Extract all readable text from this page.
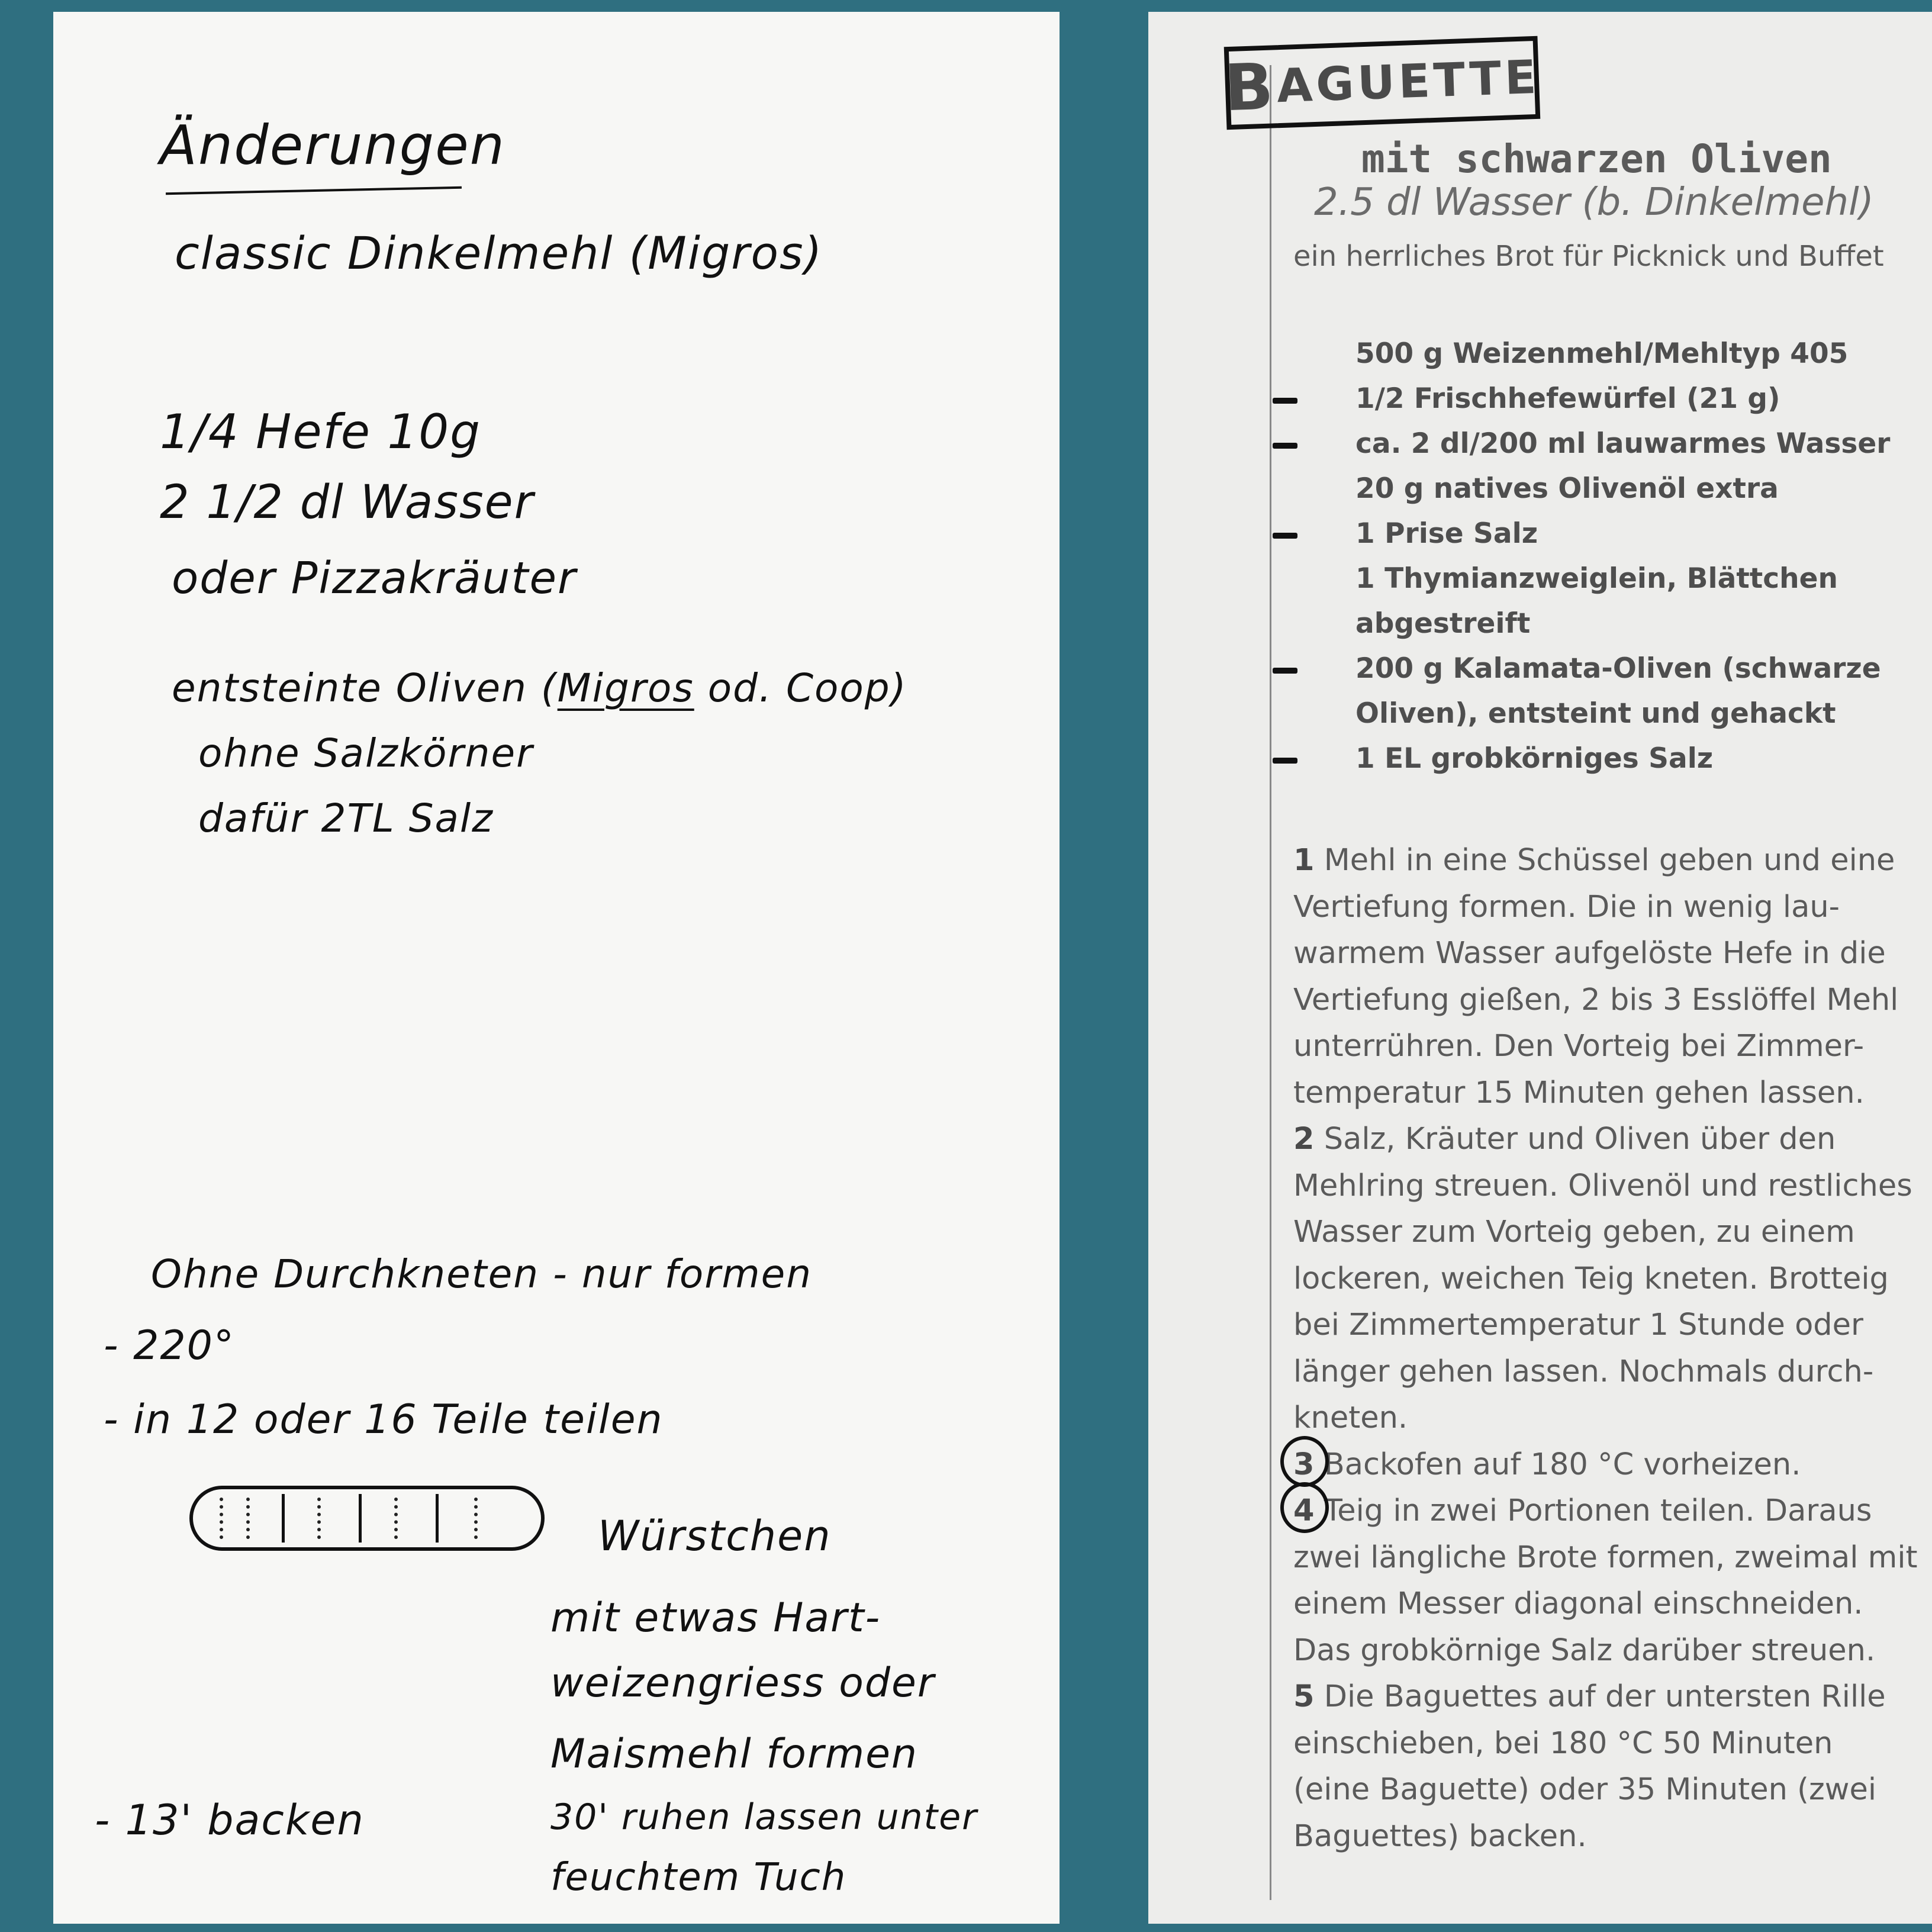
Änderungen
classic Dinkelmehl (Migros)
1/4 Hefe 10g
2 1/2 dl Wasser
oder Pizzakräuter
entsteinte Oliven (Migros od. Coop)
ohne Salzkörner
dafür 2TL Salz
Ohne Durchkneten - nur formen
- 220°
- in 12 oder 16 Teile teilen
Würstchen
mit etwas Hart-
weizengriess oder
Maismehl formen
30' ruhen lassen unter
feuchtem Tuch
- 13' backen
B
AGUETTE
mit schwarzen Oliven
2.5 dl Wasser (b. Dinkelmehl)
ein herrliches Brot für Picknick und Buffet
500 g Weizenmehl/Mehltyp 405
1/2 Frischhefewürfel (21 g)
ca. 2 dl/200 ml lauwarmes Wasser
20 g natives Olivenöl extra
1 Prise Salz
1 Thymianzweiglein, Blättchen
abgestreift
200 g Kalamata-Oliven (schwarze
Oliven), entsteint und gehackt
1 EL grobkörniges Salz
1 Mehl in eine Schüssel geben und eine
Vertiefung formen. Die in wenig lau-
warmem Wasser aufgelöste Hefe in die
Vertiefung gießen, 2 bis 3 Esslöffel Mehl
unterrühren. Den Vorteig bei Zimmer-
temperatur 15 Minuten gehen lassen.
2 Salz, Kräuter und Oliven über den
Mehlring streuen. Olivenöl und restliches
Wasser zum Vorteig geben, zu einem
lockeren, weichen Teig kneten. Brotteig
bei Zimmertemperatur 1 Stunde oder
länger gehen lassen. Nochmals durch-
kneten.
3 Backofen auf 180 °C vorheizen.
4 Teig in zwei Portionen teilen. Daraus
zwei längliche Brote formen, zweimal mit
einem Messer diagonal einschneiden.
Das grobkörnige Salz darüber streuen.
5 Die Baguettes auf der untersten Rille
einschieben, bei 180 °C 50 Minuten
(eine Baguette) oder 35 Minuten (zwei
Baguettes) backen.
